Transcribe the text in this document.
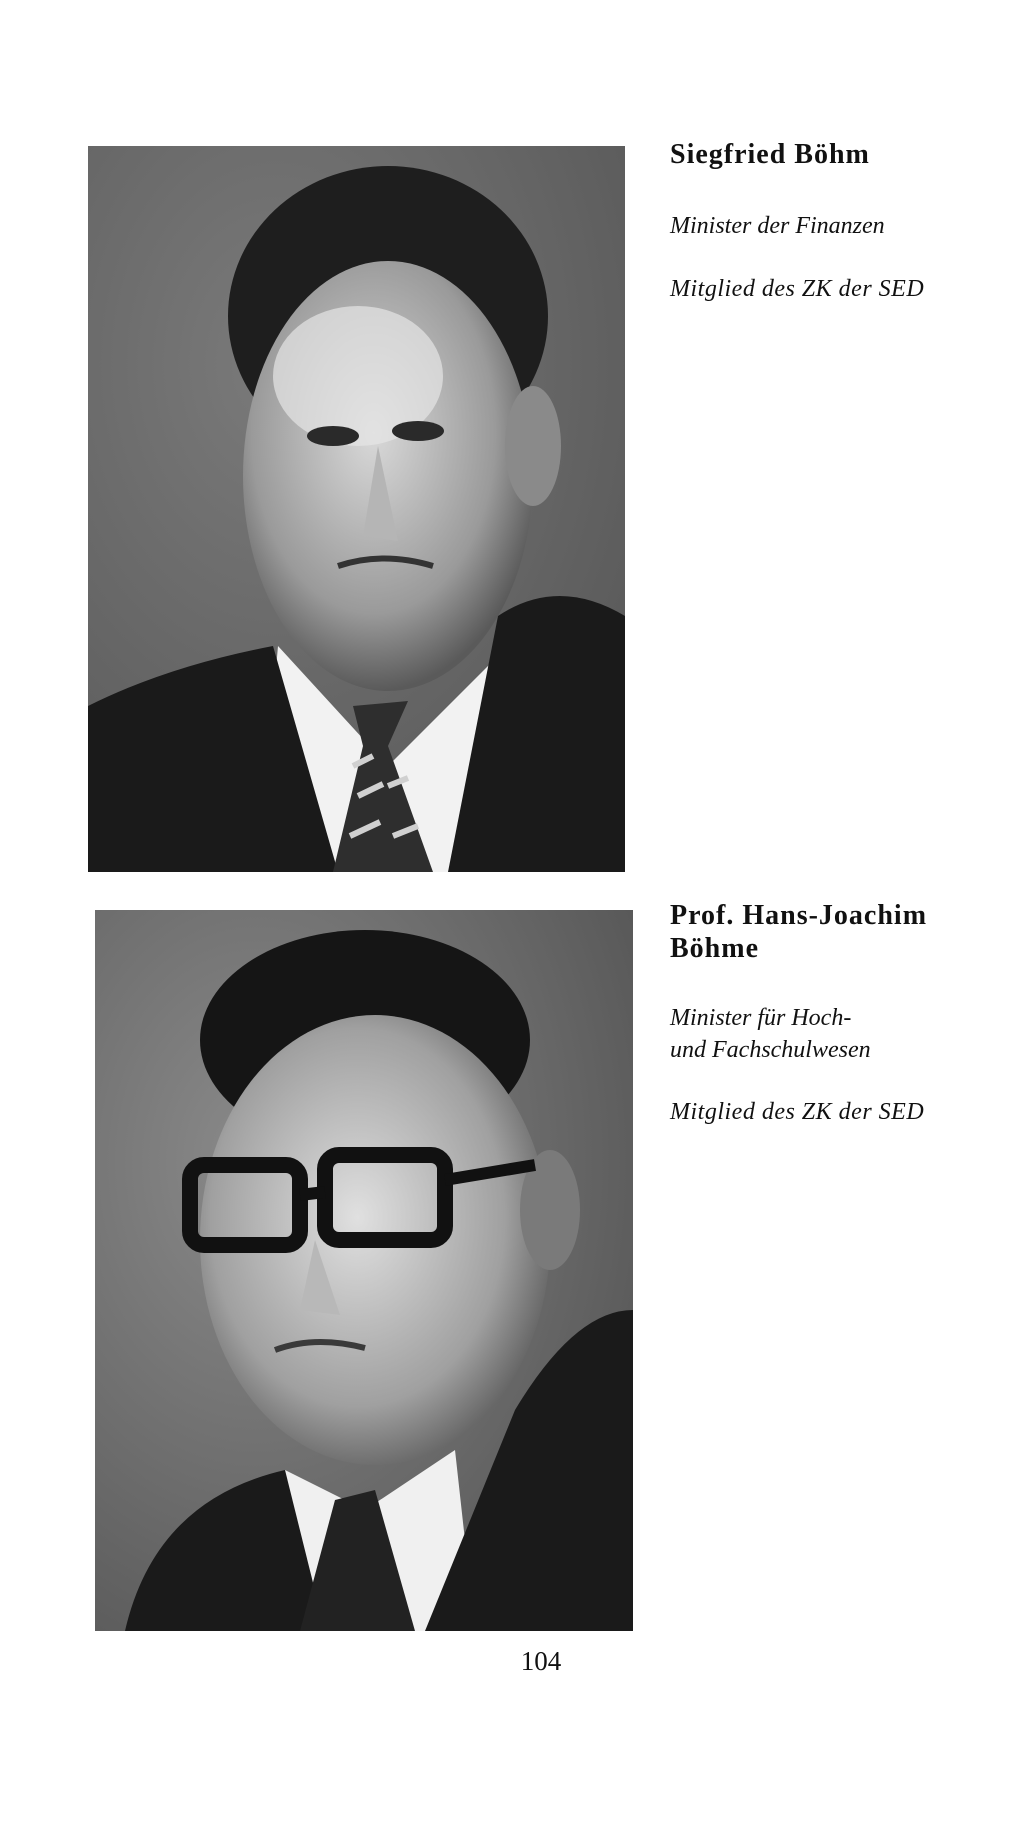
Siegfried Böhm

Minister der Finanzen

Mitglied des ZK der SED

Prof. Hans-Joachim
Böhme

Minister für Hoch-
und Fachschulwesen

Mitglied des ZK der SED

104
